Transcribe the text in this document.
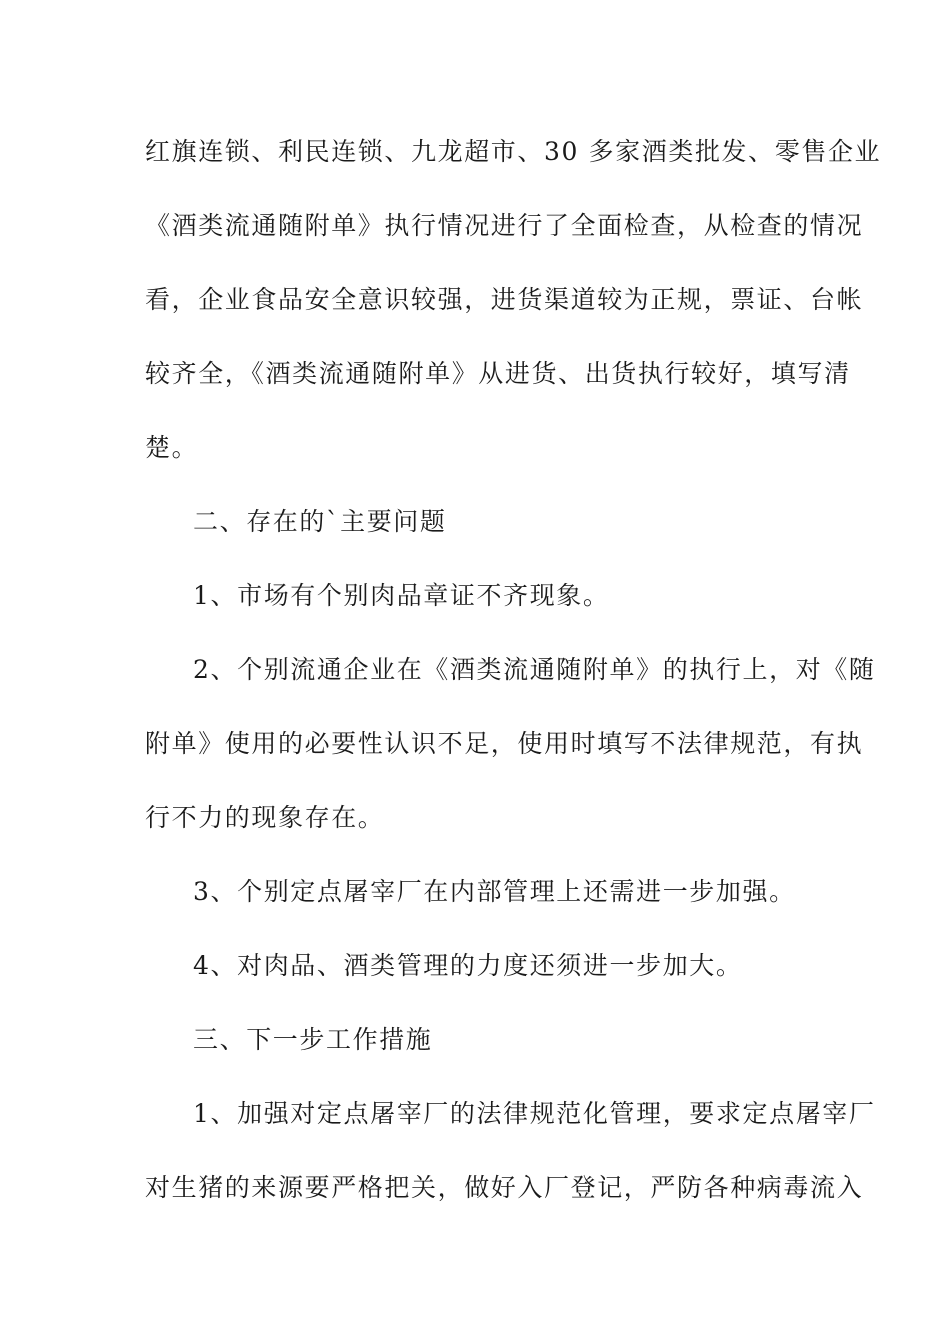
红旗连锁、利民连锁、九龙超市、30 多家酒类批发、零售企业

《酒类流通随附单》执行情况进行了全面检查，从检查的情况

看，企业食品安全意识较强，进货渠道较为正规，票证、台帐

较齐全，《酒类流通随附单》从进货、出货执行较好，填写清

楚。

二、存在的`主要问题

1、市场有个别肉品章证不齐现象。

2、个别流通企业在《酒类流通随附单》的执行上，对《随

附单》使用的必要性认识不足，使用时填写不法律规范，有执

行不力的现象存在。

3、个别定点屠宰厂在内部管理上还需进一步加强。

4、对肉品、酒类管理的力度还须进一步加大。

三、下一步工作措施

1、加强对定点屠宰厂的法律规范化管理，要求定点屠宰厂

对生猪的来源要严格把关，做好入厂登记，严防各种病毒流入
